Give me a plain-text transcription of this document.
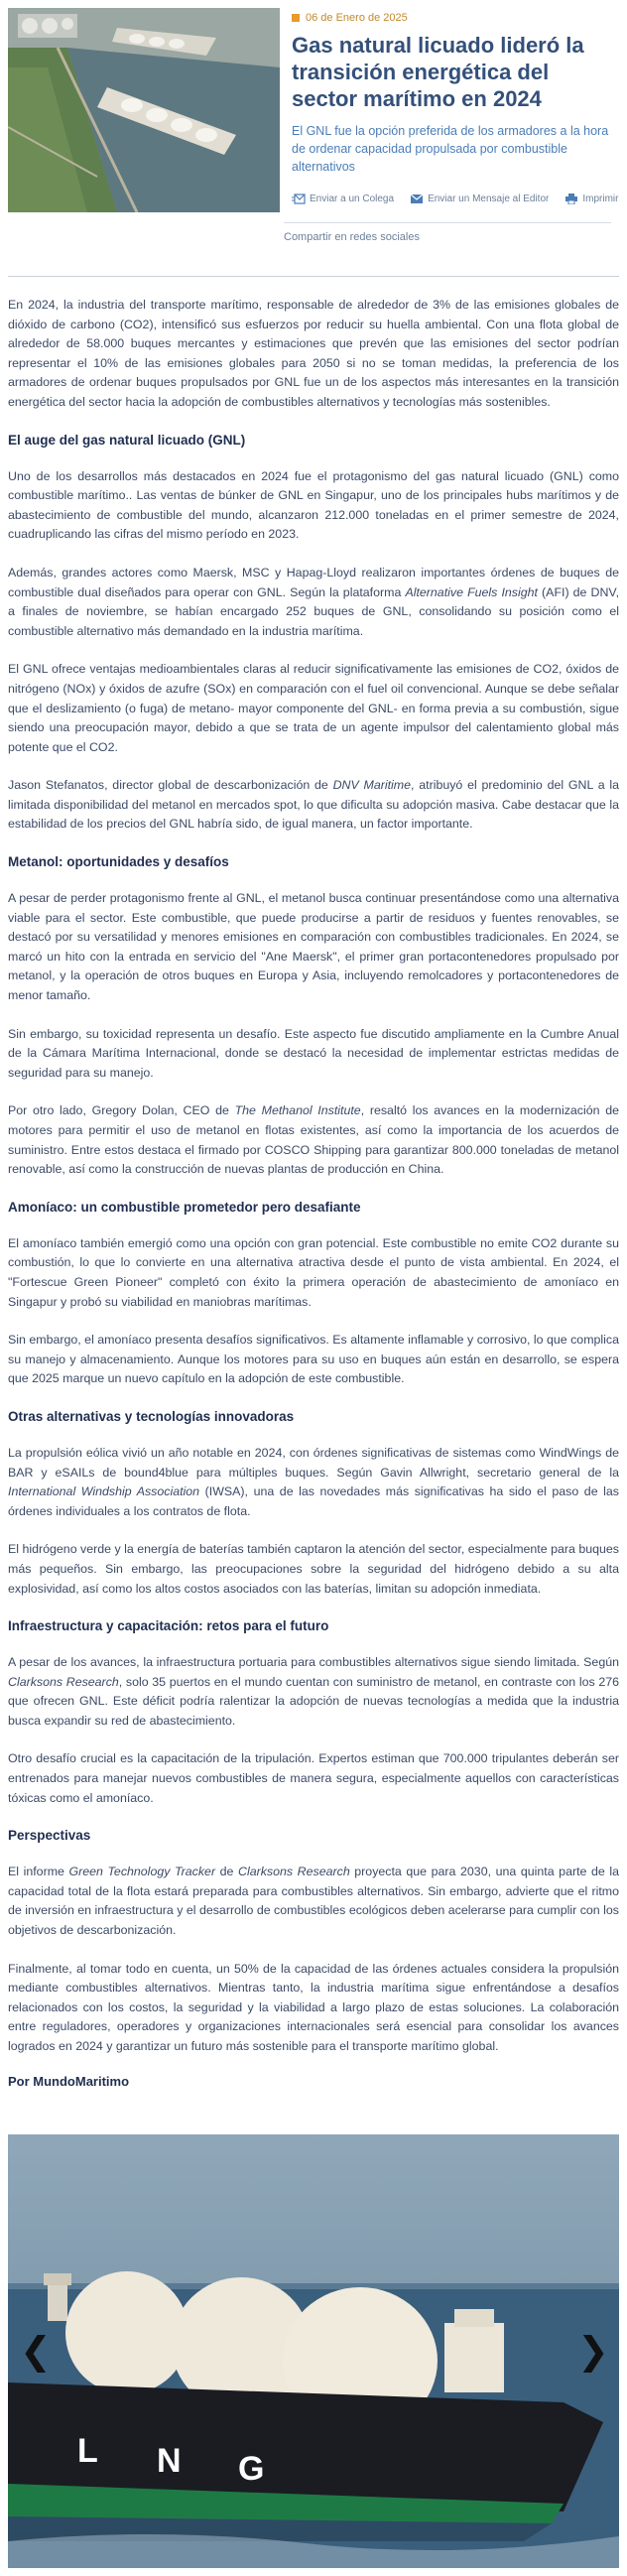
06 de Enero de 2025
Gas natural licuado lideró la transición energética del sector marítimo en 2024
El GNL fue la opción preferida de los armadores a la hora de ordenar capacidad propulsada por combustible alternativos
Enviar a un Colega	Enviar un Mensaje al Editor	Imprimir
Compartir en redes sociales

En 2024, la industria del transporte marítimo, responsable de alrededor de 3% de las emisiones globales de dióxido de carbono (CO2), intensificó sus esfuerzos por reducir su huella ambiental. Con una flota global de alrededor de 58.000 buques mercantes y estimaciones que prevén que las emisiones del sector podrían representar el 10% de las emisiones globales para 2050 si no se toman medidas, la preferencia de los armadores de ordenar buques propulsados por GNL fue un de los aspectos más interesantes en la transición energética del sector hacia la adopción de combustibles alternativos y tecnologías más sostenibles.

El auge del gas natural licuado (GNL)

Uno de los desarrollos más destacados en 2024 fue el protagonismo del gas natural licuado (GNL) como combustible marítimo.. Las ventas de búnker de GNL en Singapur, uno de los principales hubs marítimos y de abastecimiento de combustible del mundo, alcanzaron 212.000 toneladas en el primer semestre de 2024, cuadruplicando las cifras del mismo período en 2023.

Además, grandes actores como Maersk, MSC y Hapag-Lloyd realizaron importantes órdenes de buques de combustible dual diseñados para operar con GNL. Según la plataforma Alternative Fuels Insight (AFI) de DNV, a finales de noviembre, se habían encargado 252 buques de GNL, consolidando su posición como el combustible alternativo más demandado en la industria marítima.

El GNL ofrece ventajas medioambientales claras al reducir significativamente las emisiones de CO2, óxidos de nitrógeno (NOx) y óxidos de azufre (SOx) en comparación con el fuel oil convencional. Aunque se debe señalar que el deslizamiento (o fuga) de metano- mayor componente del GNL- en forma previa a su combustión, sigue siendo una preocupación mayor, debido a que se trata de un agente impulsor del calentamiento global más potente que el CO2.

Jason Stefanatos, director global de descarbonización de DNV Maritime, atribuyó el predominio del GNL a la limitada disponibilidad del metanol en mercados spot, lo que dificulta su adopción masiva. Cabe destacar que la estabilidad de los precios del GNL habría sido, de igual manera, un factor importante.

Metanol: oportunidades y desafíos

A pesar de perder protagonismo frente al GNL, el metanol busca continuar presentándose como una alternativa viable para el sector. Este combustible, que puede producirse a partir de residuos y fuentes renovables, se destacó por su versatilidad y menores emisiones en comparación con combustibles tradicionales. En 2024, se marcó un hito con la entrada en servicio del "Ane Maersk", el primer gran portacontenedores propulsado por metanol, y la operación de otros buques en Europa y Asia, incluyendo remolcadores y portacontenedores de menor tamaño.

Sin embargo, su toxicidad representa un desafío. Este aspecto fue discutido ampliamente en la Cumbre Anual de la Cámara Marítima Internacional, donde se destacó la necesidad de implementar estrictas medidas de seguridad para su manejo.

Por otro lado, Gregory Dolan, CEO de The Methanol Institute, resaltó los avances en la modernización de motores para permitir el uso de metanol en flotas existentes, así como la importancia de los acuerdos de suministro. Entre estos destaca el firmado por COSCO Shipping para garantizar 800.000 toneladas de metanol renovable, así como la construcción de nuevas plantas de producción en China.

Amoníaco: un combustible prometedor pero desafiante

El amoníaco también emergió como una opción con gran potencial. Este combustible no emite CO2 durante su combustión, lo que lo convierte en una alternativa atractiva desde el punto de vista ambiental. En 2024, el "Fortescue Green Pioneer" completó con éxito la primera operación de abastecimiento de amoníaco en Singapur y probó su viabilidad en maniobras marítimas.

Sin embargo, el amoníaco presenta desafíos significativos. Es altamente inflamable y corrosivo, lo que complica su manejo y almacenamiento. Aunque los motores para su uso en buques aún están en desarrollo, se espera que 2025 marque un nuevo capítulo en la adopción de este combustible.

Otras alternativas y tecnologías innovadoras

La propulsión eólica vivió un año notable en 2024, con órdenes significativas de sistemas como WindWings de BAR y eSAILs de bound4blue para múltiples buques. Según Gavin Allwright, secretario general de la International Windship Association (IWSA), una de las novedades más significativas ha sido el paso de las órdenes individuales a los contratos de flota.

El hidrógeno verde y la energía de baterías también captaron la atención del sector, especialmente para buques más pequeños. Sin embargo, las preocupaciones sobre la seguridad del hidrógeno debido a su alta explosividad, así como los altos costos asociados con las baterías, limitan su adopción inmediata.

Infraestructura y capacitación: retos para el futuro

A pesar de los avances, la infraestructura portuaria para combustibles alternativos sigue siendo limitada. Según Clarksons Research, solo 35 puertos en el mundo cuentan con suministro de metanol, en contraste con los 276 que ofrecen GNL. Este déficit podría ralentizar la adopción de nuevas tecnologías a medida que la industria busca expandir su red de abastecimiento.

Otro desafío crucial es la capacitación de la tripulación. Expertos estiman que 700.000 tripulantes deberán ser entrenados para manejar nuevos combustibles de manera segura, especialmente aquellos con características tóxicas como el amoníaco.

Perspectivas

El informe Green Technology Tracker de Clarksons Research proyecta que para 2030, una quinta parte de la capacidad total de la flota estará preparada para combustibles alternativos. Sin embargo, advierte que el ritmo de inversión en infraestructura y el desarrollo de combustibles ecológicos deben acelerarse para cumplir con los objetivos de descarbonización.

Finalmente, al tomar todo en cuenta, un 50% de la capacidad de las órdenes actuales considera la propulsión mediante combustibles alternativos. Mientras tanto, la industria marítima sigue enfrentándose a desafíos relacionados con los costos, la seguridad y la viabilidad a largo plazo de estas soluciones. La colaboración entre reguladores, operadores y organizaciones internacionales será esencial para consolidar los avances logrados en 2024 y garantizar un futuro más sostenible para el transporte marítimo global.

Por MundoMaritimo
L N G
❮	❯
